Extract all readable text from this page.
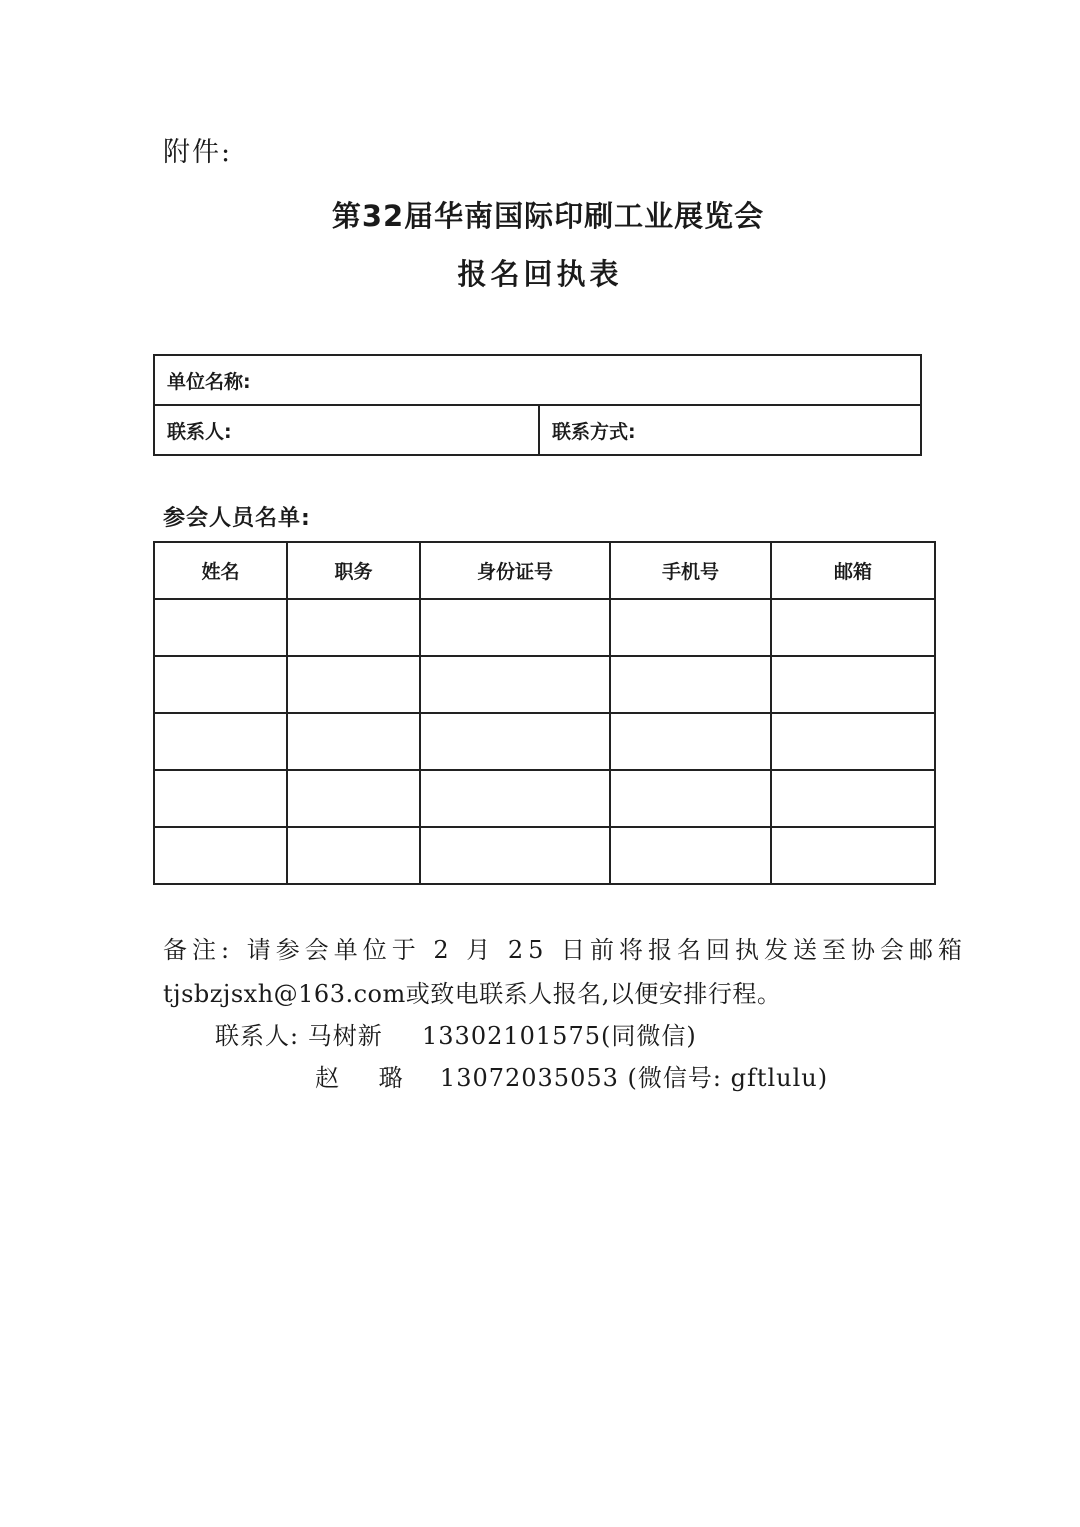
附件:
第32届华南国际印刷工业展览会
报名回执表
单位名称:
联系人:	联系方式:
参会人员名单:
姓名	职务	身份证号	手机号	邮箱

备注: 请参会单位于 2 月 25 日前将报名回执发送至协会邮箱
tjsbzjsxh@163.com或致电联系人报名,以便安排行程。
联系人: 马树新 13302101575(同微信)
赵 璐 13072035053 (微信号: gftlulu)
